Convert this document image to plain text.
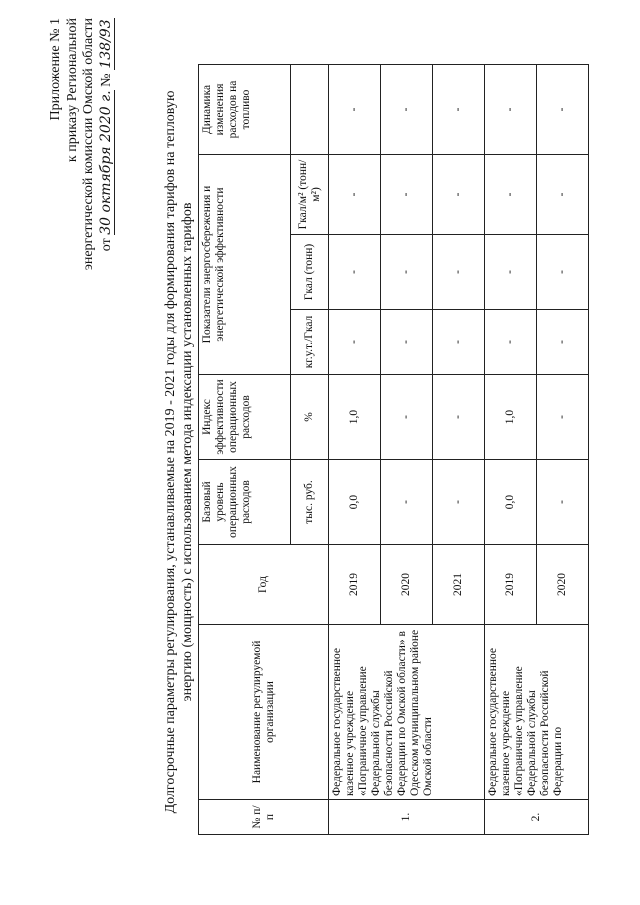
Приложение № 1 к приказу Региональной энергетической комиссии Омской области от 30 октября 2020 г. № 138/93
Долгосрочные параметры регулирования, устанавливаемые на 2019 - 2021 годы для формирования тарифов на тепловую энергию (мощность) с использованием метода индексации установленных тарифов
№ п/п	Наименование регулируемой организации	Год	Базовый уровень операционных расходов	Индекс эффективности операционных расходов	Показатели энергосбережения и энергетической эффективности			Динамика изменения расходов на топливо
			тыс. руб.	%	кг.у.т./Гкал	Гкал (тонн)	Гкал/м² (тонн/м²)	
1.	Федеральное государственное казенное учреждение «Пограничное управление Федеральной службы безопасности Российской Федерации по Омской области» в Одесском муниципальном районе Омской области	2019	0,0	1,0	-	-	-	-
		2020	-	-	-	-	-	-
		2021	-	-	-	-	-	-
2.	Федеральное государственное казенное учреждение «Пограничное управление Федеральной службы безопасности Российской Федерации по	2019	0,0	1,0	-	-	-	-
		2020	-	-	-	-	-	-
